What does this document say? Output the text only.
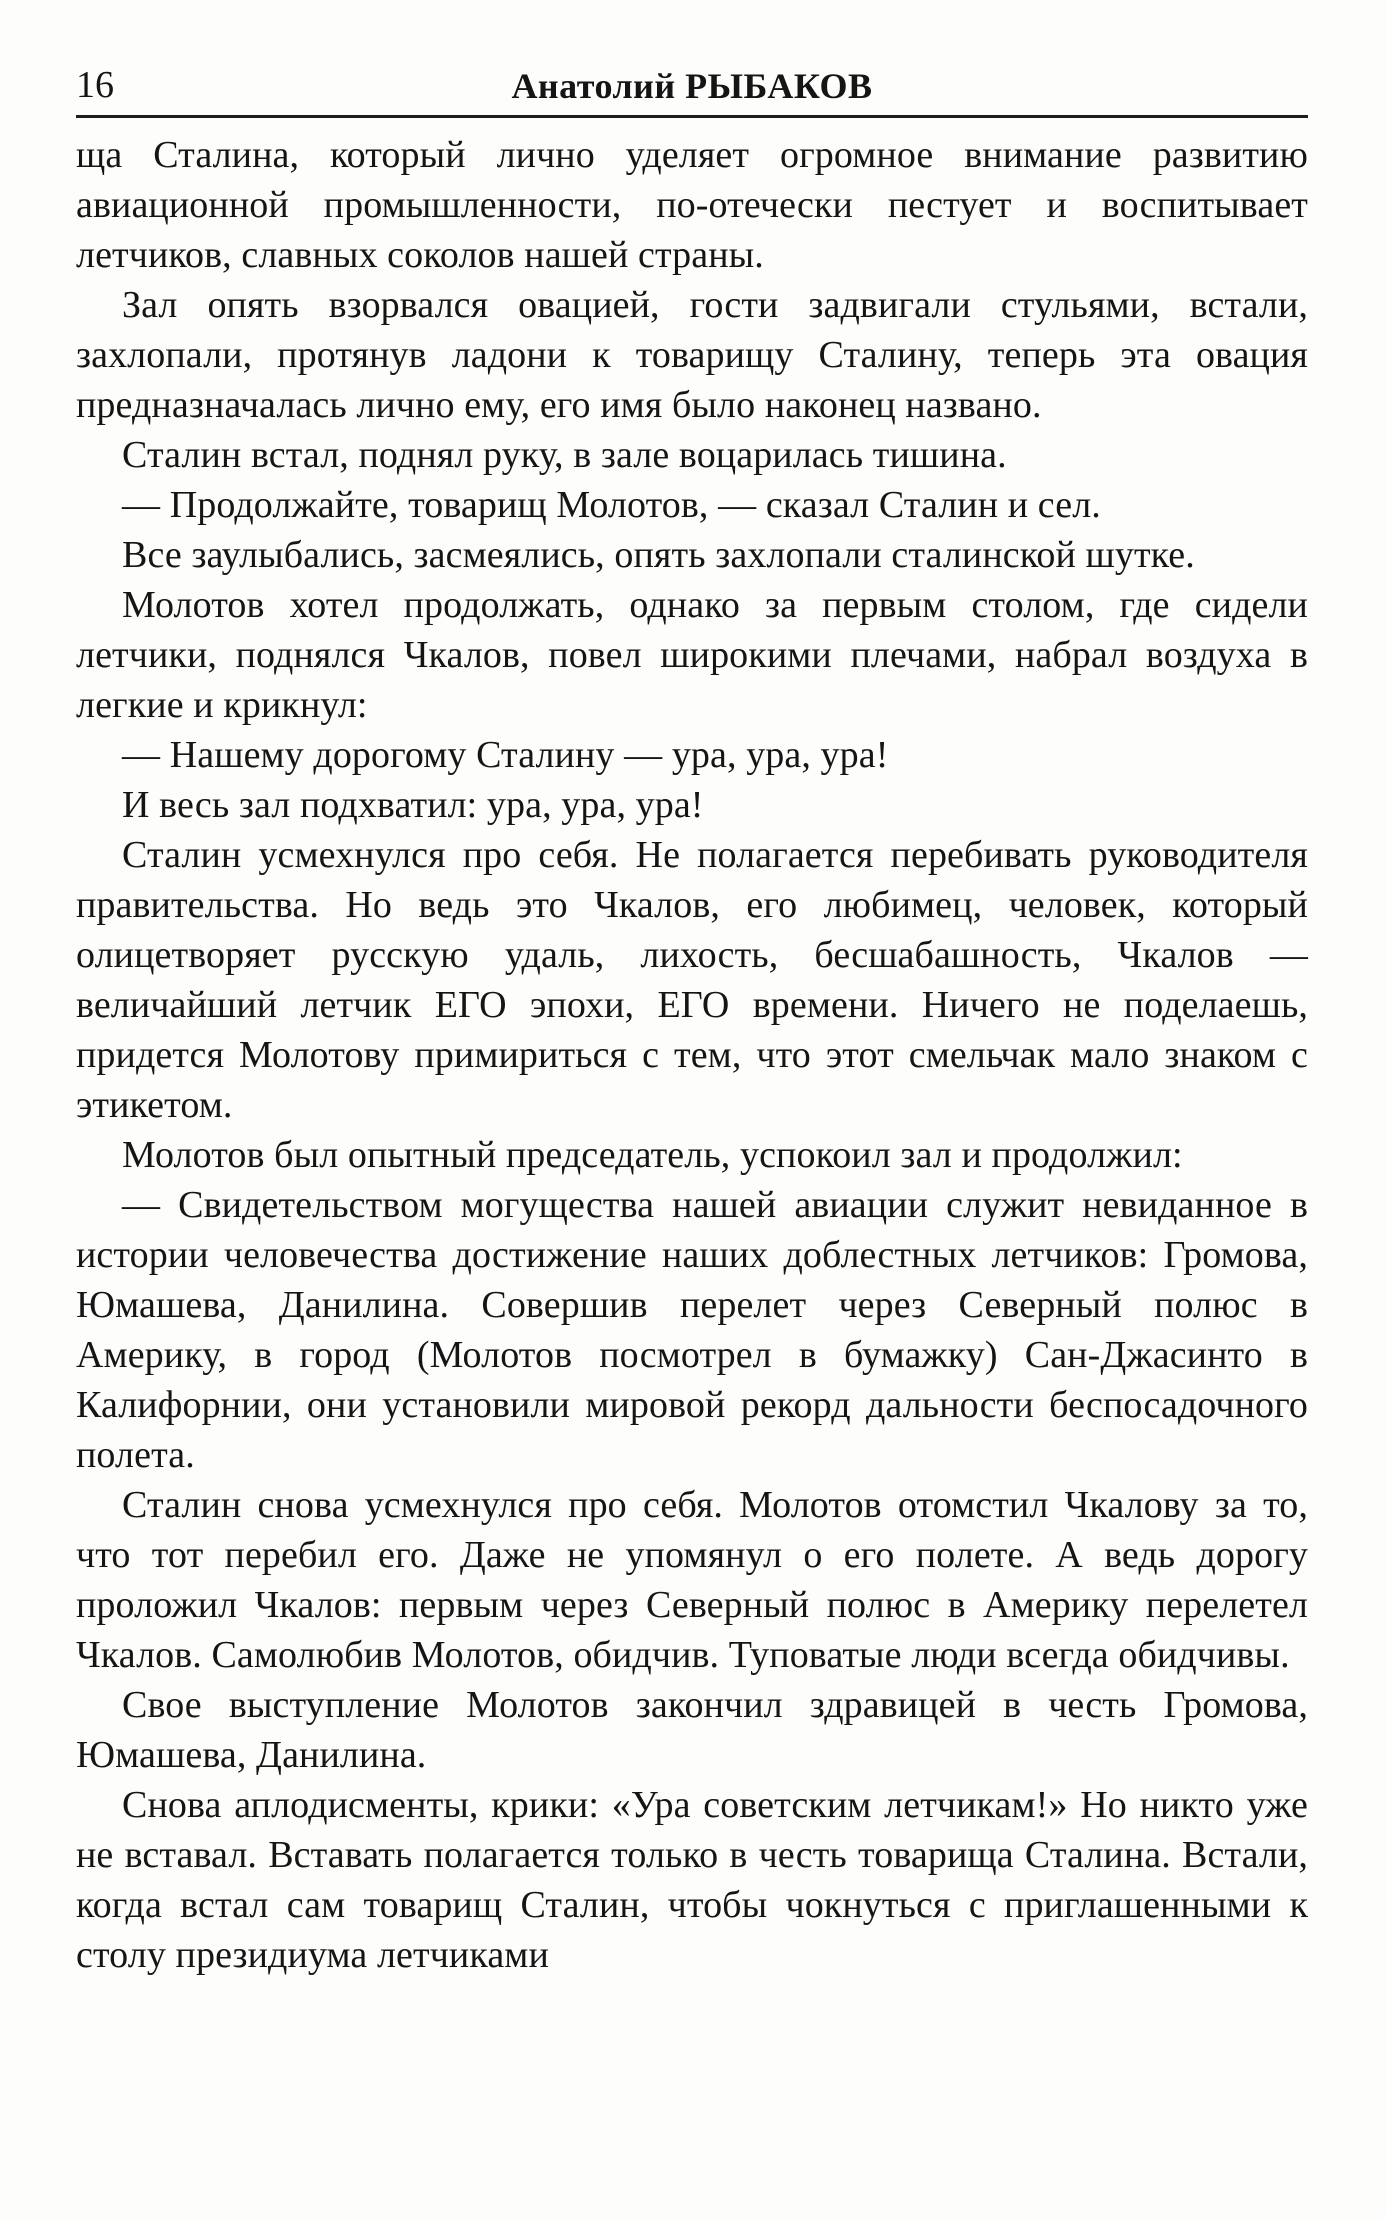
16	Анатолий РЫБАКОВ

ща Сталина, который лично уделяет огромное внимание развитию авиационной промышленности, по-отечески пестует и воспитывает летчиков, славных соколов нашей страны.

Зал опять взорвался овацией, гости задвигали стульями, встали, захлопали, протянув ладони к товарищу Сталину, теперь эта овация предназначалась лично ему, его имя было наконец названо.

Сталин встал, поднял руку, в зале воцарилась тишина.

— Продолжайте, товарищ Молотов, — сказал Сталин и сел.

Все заулыбались, засмеялись, опять захлопали сталинской шутке.

Молотов хотел продолжать, однако за первым столом, где сидели летчики, поднялся Чкалов, повел широкими плечами, набрал воздуха в легкие и крикнул:

— Нашему дорогому Сталину — ура, ура, ура!

И весь зал подхватил: ура, ура, ура!

Сталин усмехнулся про себя. Не полагается перебивать руководителя правительства. Но ведь это Чкалов, его любимец, человек, который олицетворяет русскую удаль, лихость, бесшабашность, Чкалов — величайший летчик ЕГО эпохи, ЕГО времени. Ничего не поделаешь, придется Молотову примириться с тем, что этот смельчак мало знаком с этикетом.

Молотов был опытный председатель, успокоил зал и продолжил:

— Свидетельством могущества нашей авиации служит невиданное в истории человечества достижение наших доблестных летчиков: Громова, Юмашева, Данилина. Совершив перелет через Северный полюс в Америку, в город (Молотов посмотрел в бумажку) Сан-Джасинто в Калифорнии, они установили мировой рекорд дальности беспосадочного полета.

Сталин снова усмехнулся про себя. Молотов отомстил Чкалову за то, что тот перебил его. Даже не упомянул о его полете. А ведь дорогу проложил Чкалов: первым через Северный полюс в Америку перелетел Чкалов. Самолюбив Молотов, обидчив. Туповатые люди всегда обидчивы.

Свое выступление Молотов закончил здравицей в честь Громова, Юмашева, Данилина.

Снова аплодисменты, крики: «Ура советским летчикам!» Но никто уже не вставал. Вставать полагается только в честь товарища Сталина. Встали, когда встал сам товарищ Сталин, чтобы чокнуться с приглашенными к столу президиума летчиками
